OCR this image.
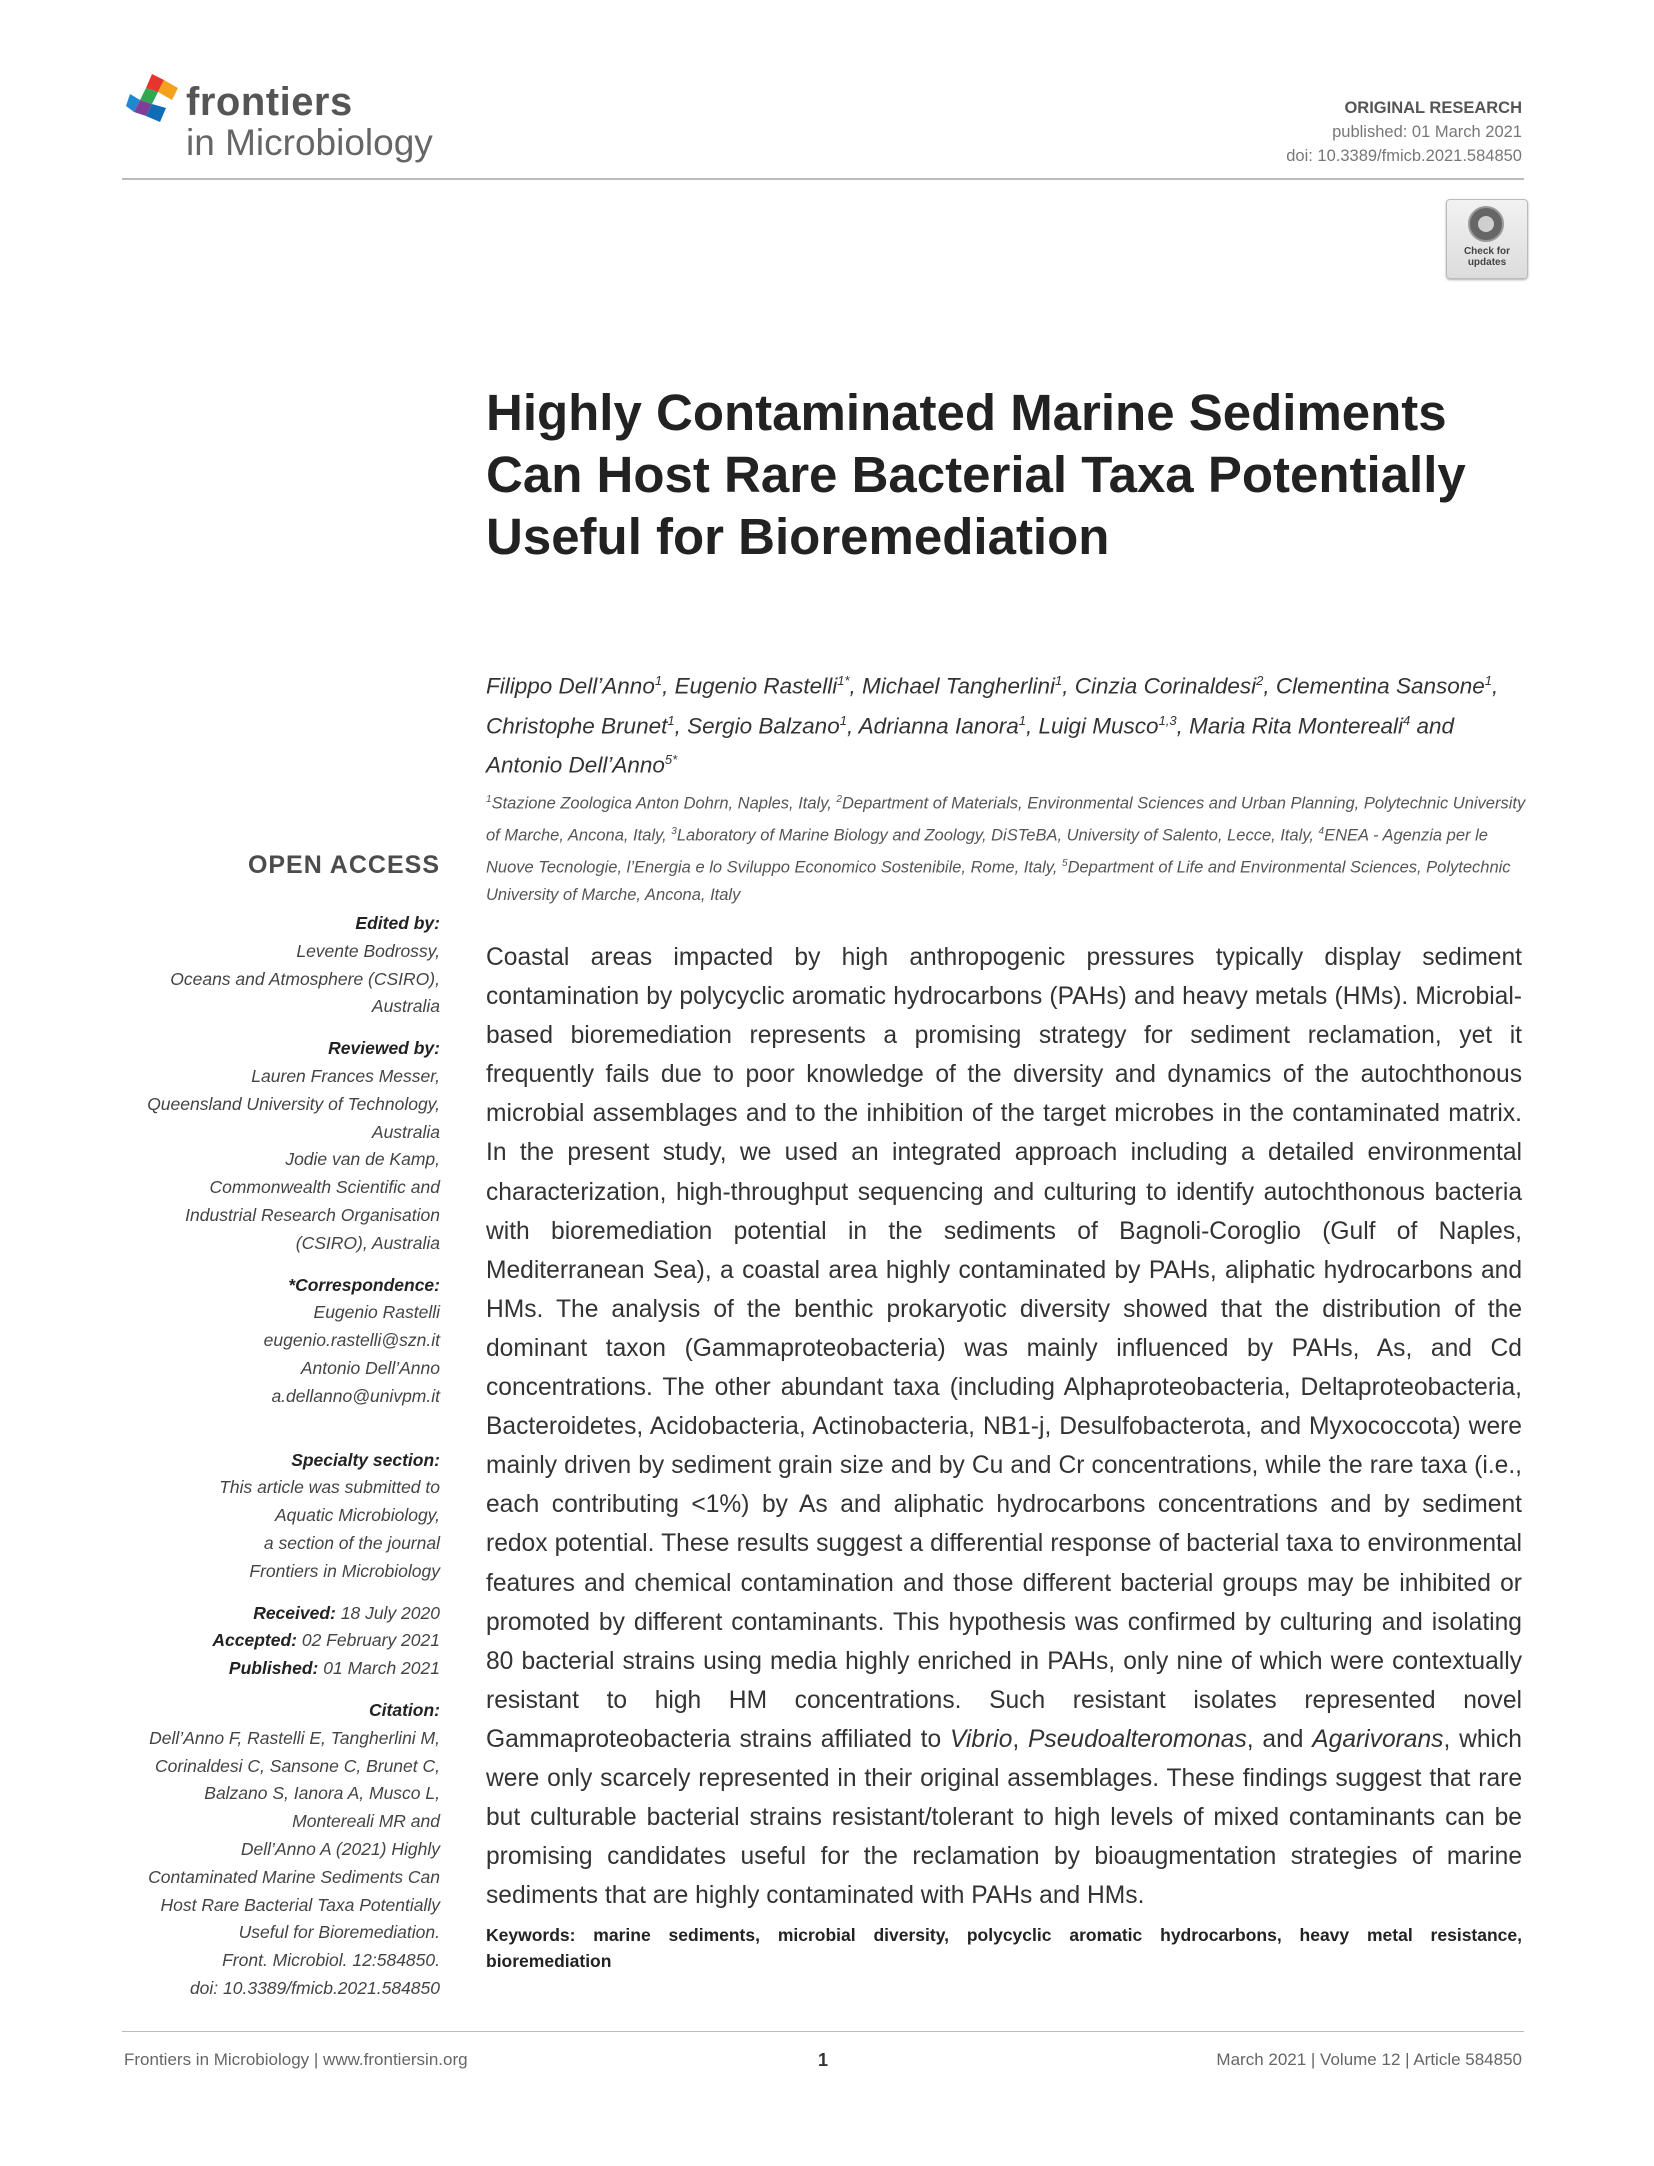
frontiers
in Microbiology
ORIGINAL RESEARCH
published: 01 March 2021
doi: 10.3389/fmicb.2021.584850
Check for updates
Highly Contaminated Marine Sediments Can Host Rare Bacterial Taxa Potentially Useful for Bioremediation
Filippo Dell’Anno$^1$, Eugenio Rastelli$^{1*}$, Michael Tangherlini$^1$, Cinzia Corinaldesi$^2$, Clementina Sansone$^1$, Christophe Brunet$^1$, Sergio Balzano$^1$, Adrianna Ianora$^1$, Luigi Musco$^{1,3}$, Maria Rita Montereali$^4$ and Antonio Dell’Anno$^{5*}$
$^1$Stazione Zoologica Anton Dohrn, Naples, Italy, $^2$Department of Materials, Environmental Sciences and Urban Planning, Polytechnic University of Marche, Ancona, Italy, $^3$Laboratory of Marine Biology and Zoology, DiSTeBA, University of Salento, Lecce, Italy, $^4$ENEA - Agenzia per le Nuove Tecnologie, l’Energia e lo Sviluppo Economico Sostenibile, Rome, Italy, $^5$Department of Life and Environmental Sciences, Polytechnic University of Marche, Ancona, Italy
OPEN ACCESS
Edited by:
Levente Bodrossy,
Oceans and Atmosphere (CSIRO),
Australia
Reviewed by:
Lauren Frances Messer,
Queensland University of Technology,
Australia
Jodie van de Kamp,
Commonwealth Scientific and
Industrial Research Organisation
(CSIRO), Australia
*Correspondence:
Eugenio Rastelli
eugenio.rastelli@szn.it
Antonio Dell’Anno
a.dellanno@univpm.it
Specialty section:
This article was submitted to
Aquatic Microbiology,
a section of the journal
Frontiers in Microbiology
Received: 18 July 2020
Accepted: 02 February 2021
Published: 01 March 2021
Citation:
Dell’Anno F, Rastelli E, Tangherlini M,
Corinaldesi C, Sansone C, Brunet C,
Balzano S, Ianora A, Musco L,
Montereali MR and
Dell’Anno A (2021) Highly
Contaminated Marine Sediments Can
Host Rare Bacterial Taxa Potentially
Useful for Bioremediation.
Front. Microbiol. 12:584850.
doi: 10.3389/fmicb.2021.584850
Coastal areas impacted by high anthropogenic pressures typically display sediment contamination by polycyclic aromatic hydrocarbons (PAHs) and heavy metals (HMs). Microbial-based bioremediation represents a promising strategy for sediment reclamation, yet it frequently fails due to poor knowledge of the diversity and dynamics of the autochthonous microbial assemblages and to the inhibition of the target microbes in the contaminated matrix. In the present study, we used an integrated approach including a detailed environmental characterization, high-throughput sequencing and culturing to identify autochthonous bacteria with bioremediation potential in the sediments of Bagnoli-Coroglio (Gulf of Naples, Mediterranean Sea), a coastal area highly contaminated by PAHs, aliphatic hydrocarbons and HMs. The analysis of the benthic prokaryotic diversity showed that the distribution of the dominant taxon (Gammaproteobacteria) was mainly influenced by PAHs, As, and Cd concentrations. The other abundant taxa (including Alphaproteobacteria, Deltaproteobacteria, Bacteroidetes, Acidobacteria, Actinobacteria, NB1-j, Desulfobacterota, and Myxococcota) were mainly driven by sediment grain size and by Cu and Cr concentrations, while the rare taxa (i.e., each contributing <1%) by As and aliphatic hydrocarbons concentrations and by sediment redox potential. These results suggest a differential response of bacterial taxa to environmental features and chemical contamination and those different bacterial groups may be inhibited or promoted by different contaminants. This hypothesis was confirmed by culturing and isolating 80 bacterial strains using media highly enriched in PAHs, only nine of which were contextually resistant to high HM concentrations. Such resistant isolates represented novel Gammaproteobacteria strains affiliated to Vibrio, Pseudoalteromonas, and Agarivorans, which were only scarcely represented in their original assemblages. These findings suggest that rare but culturable bacterial strains resistant/tolerant to high levels of mixed contaminants can be promising candidates useful for the reclamation by bioaugmentation strategies of marine sediments that are highly contaminated with PAHs and HMs.
Keywords: marine sediments, microbial diversity, polycyclic aromatic hydrocarbons, heavy metal resistance, bioremediation
Frontiers in Microbiology | www.frontiersin.org	1	March 2021 | Volume 12 | Article 584850
